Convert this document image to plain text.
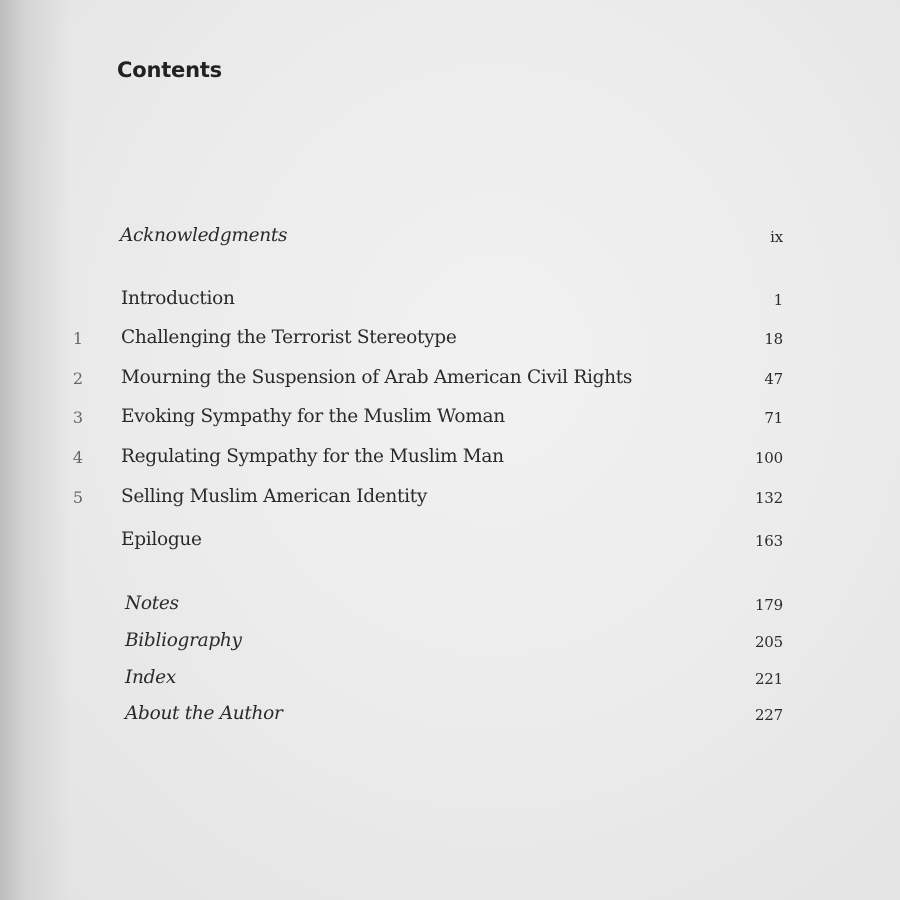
Contents
Acknowledgments	ix
Introduction	1
1 Challenging the Terrorist Stereotype	18
2 Mourning the Suspension of Arab American Civil Rights	47
3 Evoking Sympathy for the Muslim Woman	71
4 Regulating Sympathy for the Muslim Man	100
5 Selling Muslim American Identity	132
Epilogue	163
Notes	179
Bibliography	205
Index	221
About the Author	227
